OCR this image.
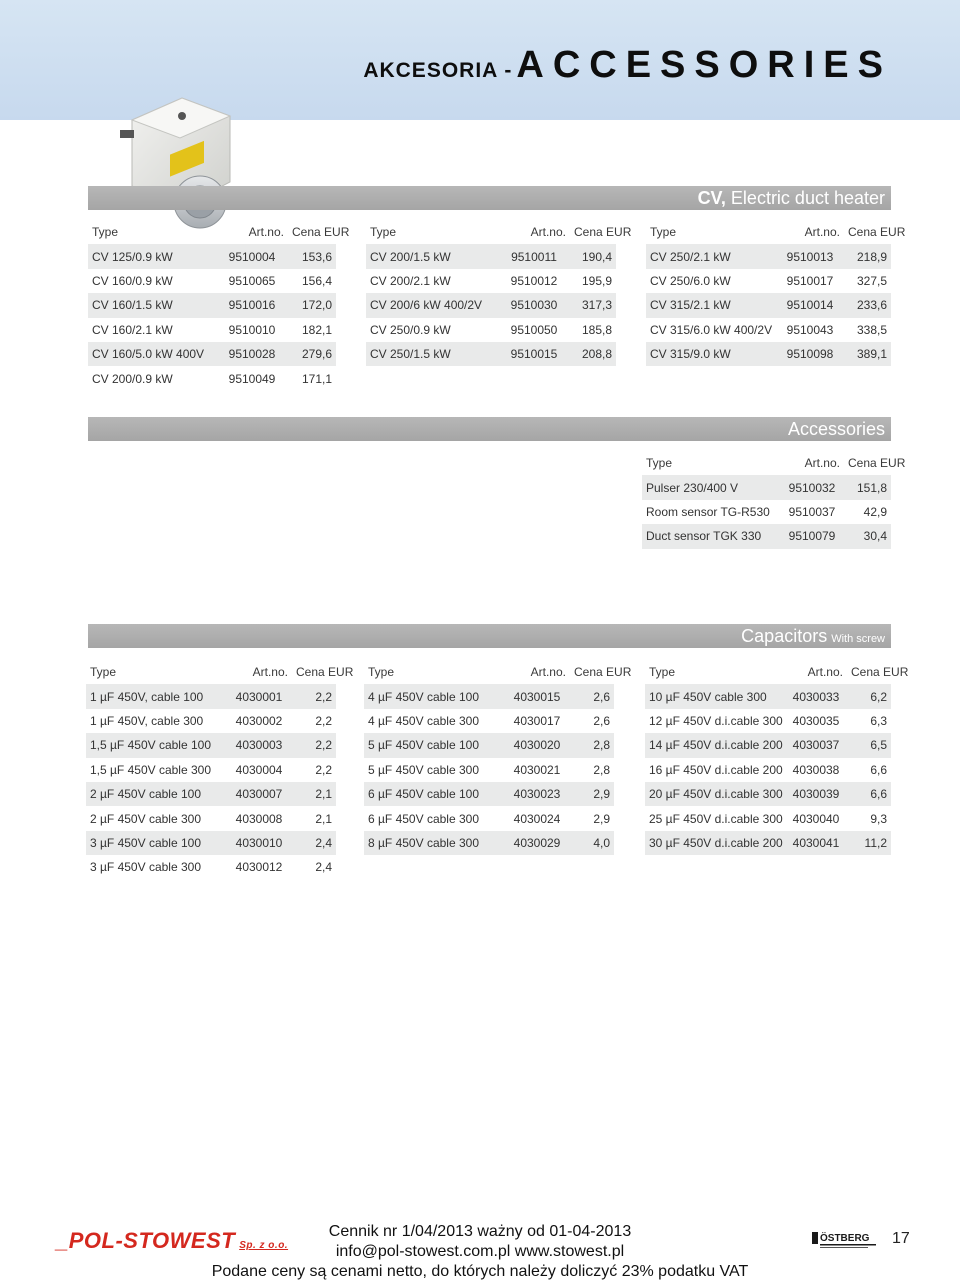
AKCESORIA - ACCESSORIES
CV, Electric duct heater
Type	Art.no.	Cena EUR
CV 125/0.9 kW	9510004	153,6
CV 160/0.9 kW	9510065	156,4
CV 160/1.5 kW	9510016	172,0
CV 160/2.1 kW	9510010	182,1
CV 160/5.0 kW 400V	9510028	279,6
CV 200/0.9 kW	9510049	171,1
Type	Art.no.	Cena EUR
CV 200/1.5 kW	9510011	190,4
CV 200/2.1 kW	9510012	195,9
CV 200/6 kW 400/2V	9510030	317,3
CV 250/0.9 kW	9510050	185,8
CV 250/1.5 kW	9510015	208,8
Type	Art.no.	Cena EUR
CV 250/2.1 kW	9510013	218,9
CV 250/6.0 kW	9510017	327,5
CV 315/2.1 kW	9510014	233,6
CV 315/6.0 kW 400/2V	9510043	338,5
CV 315/9.0 kW	9510098	389,1
Accessories
Type	Art.no.	Cena EUR
Pulser 230/400 V	9510032	151,8
Room sensor TG-R530	9510037	42,9
Duct sensor TGK 330	9510079	30,4
Capacitors With screw
Type	Art.no.	Cena EUR
1 µF 450V, cable 100	4030001	2,2
1 µF 450V, cable 300	4030002	2,2
1,5 µF 450V cable 100	4030003	2,2
1,5 µF 450V cable 300	4030004	2,2
2 µF 450V cable 100	4030007	2,1
2 µF 450V cable 300	4030008	2,1
3 µF 450V cable 100	4030010	2,4
3 µF 450V cable 300	4030012	2,4
Type	Art.no.	Cena EUR
4 µF 450V cable 100	4030015	2,6
4 µF 450V cable 300	4030017	2,6
5 µF 450V cable 100	4030020	2,8
5 µF 450V cable 300	4030021	2,8
6 µF 450V cable 100	4030023	2,9
6 µF 450V cable 300	4030024	2,9
8 µF 450V cable 300	4030029	4,0
Type	Art.no.	Cena EUR
10 µF 450V cable 300	4030033	6,2
12 µF 450V d.i.cable 300	4030035	6,3
14 µF 450V d.i.cable 200	4030037	6,5
16 µF 450V d.i.cable 200	4030038	6,6
20 µF 450V d.i.cable 300	4030039	6,6
25 µF 450V d.i.cable 300	4030040	9,3
30 µF 450V d.i.cable 200	4030041	11,2
_POL-STOWEST Sp. z o.o.
Cennik nr 1/04/2013 ważny od 01-04-2013
info@pol-stowest.com.pl www.stowest.pl
Podane ceny są cenami netto, do których należy doliczyć 23% podatku VAT
ÖSTBERG 17
